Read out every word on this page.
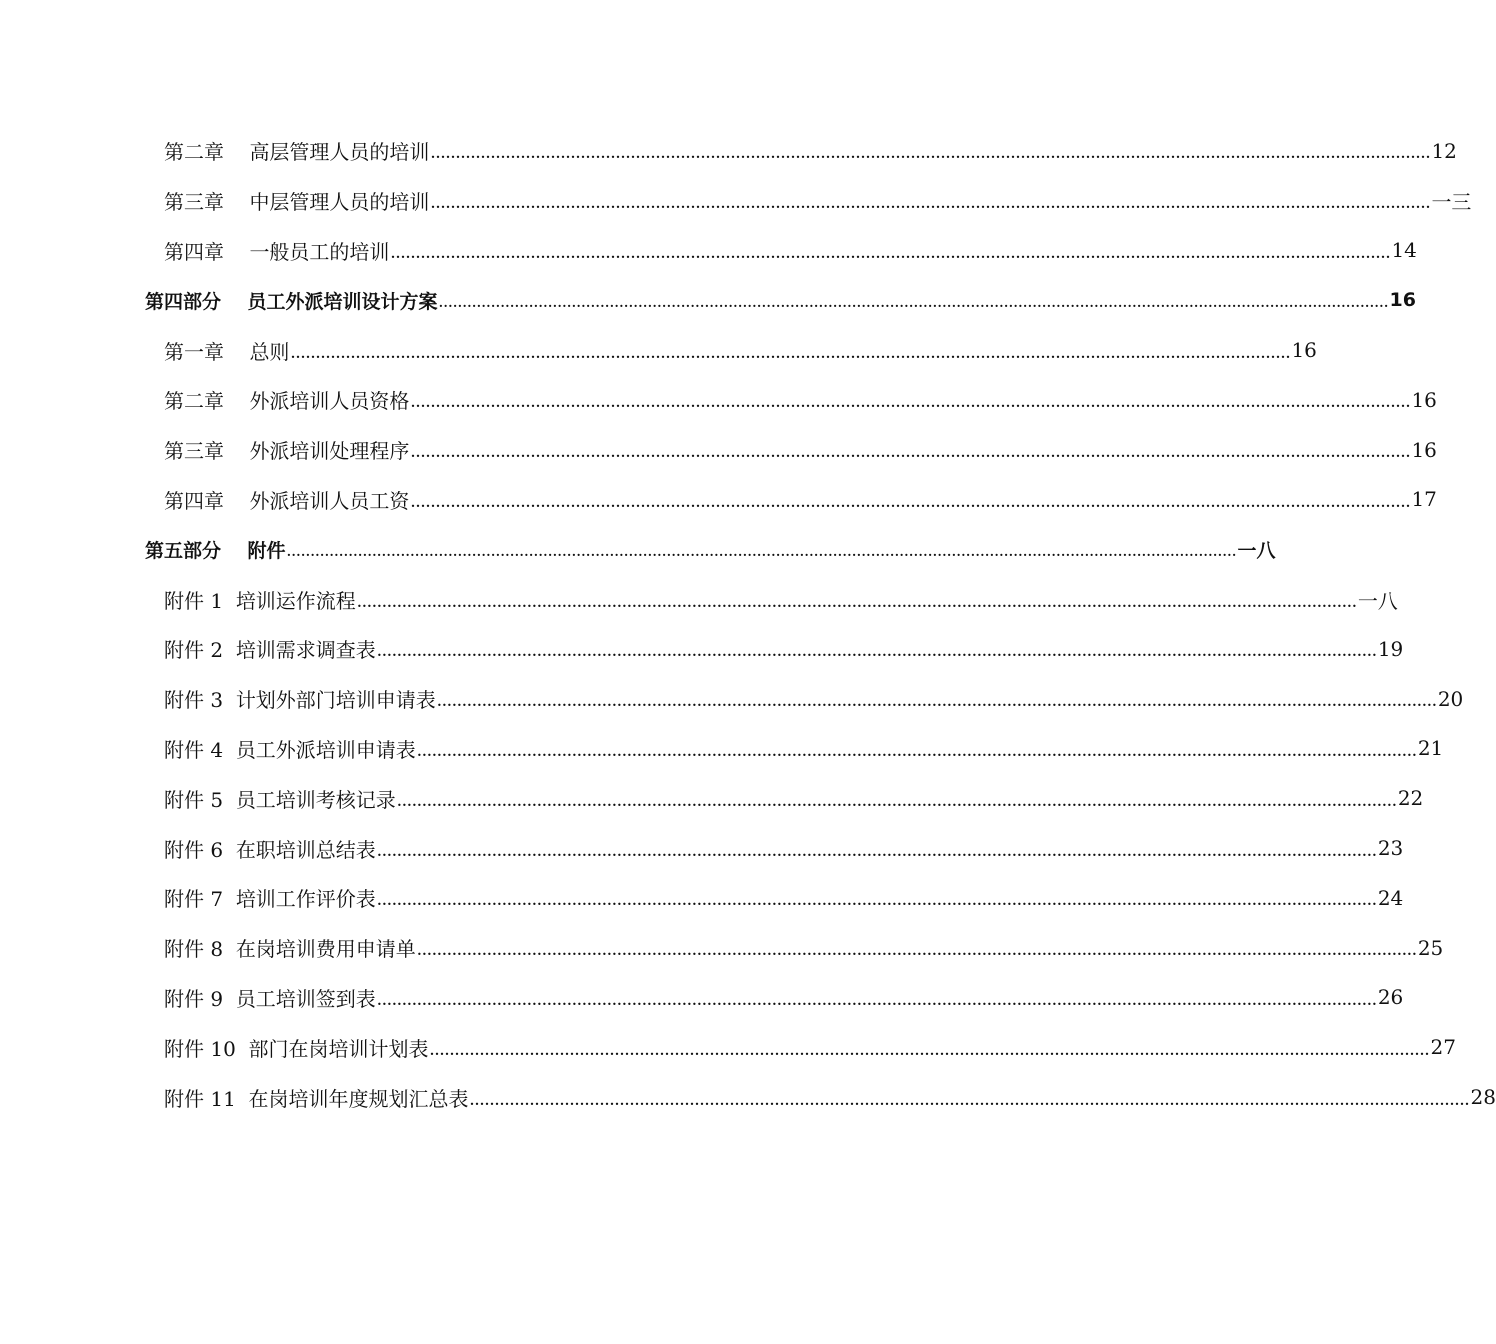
第二章
高层管理人员的培训 ........................................................................................................................................................................................................ 12
第三章
中层管理人员的培训 ........................................................................................................................................................................................................ 一三
第四章
一般员工的培训 ........................................................................................................................................................................................................ 14
第四部分
员工外派培训设计方案 ........................................................................................................................................................................................................ 16
第一章
总则 ........................................................................................................................................................................................................ 16
第二章
外派培训人员资格 ........................................................................................................................................................................................................ 16
第三章
外派培训处理程序 ........................................................................................................................................................................................................ 16
第四章
外派培训人员工资 ........................................................................................................................................................................................................ 17
第五部分
附件 ........................................................................................................................................................................................................ 一八
附件 1
培训运作流程 ........................................................................................................................................................................................................ 一八
附件 2
培训需求调查表 ........................................................................................................................................................................................................ 19
附件 3
计划外部门培训申请表 ........................................................................................................................................................................................................ 20
附件 4
员工外派培训申请表 ........................................................................................................................................................................................................ 21
附件 5
员工培训考核记录 ........................................................................................................................................................................................................ 22
附件 6
在职培训总结表 ........................................................................................................................................................................................................ 23
附件 7
培训工作评价表 ........................................................................................................................................................................................................ 24
附件 8
在岗培训费用申请单 ........................................................................................................................................................................................................ 25
附件 9
员工培训签到表 ........................................................................................................................................................................................................ 26
附件 10
部门在岗培训计划表 ........................................................................................................................................................................................................ 27
附件 11
在岗培训年度规划汇总表 ........................................................................................................................................................................................................ 28
